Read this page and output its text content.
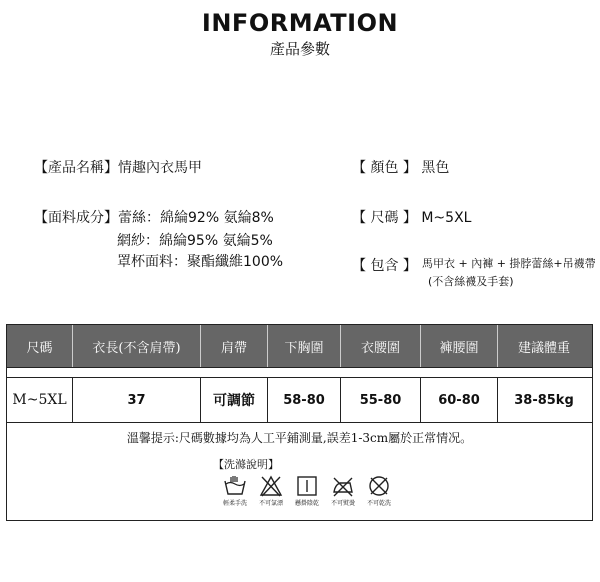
INFORMATION
產品參數
【產品名稱】情趣內衣馬甲
【面料成分】蕾絲：綿綸92% 氨綸8%
網紗：綿綸95% 氨綸5%
罩杯面料：聚酯纖維100%
【 顏色 】 黑色
【 尺碼 】 M~5XL
【 包含 】 馬甲衣 + 內褲 + 掛脖蕾絲+吊襪帶
(不含絲襪及手套)
尺碼	衣長(不含肩帶)	肩帶	下胸圍	衣腰圍	褲腰圍	建議體重
M~5XL	37	可調節	58-80	55-80	60-80	38-85kg
溫馨提示:尺碼數據均為人工平鋪測量,誤差1-3cm屬於正常情况。
【洗滌說明】
輕柔手洗	不可氯漂	懸掛陰乾	不可熨燙	不可乾洗
